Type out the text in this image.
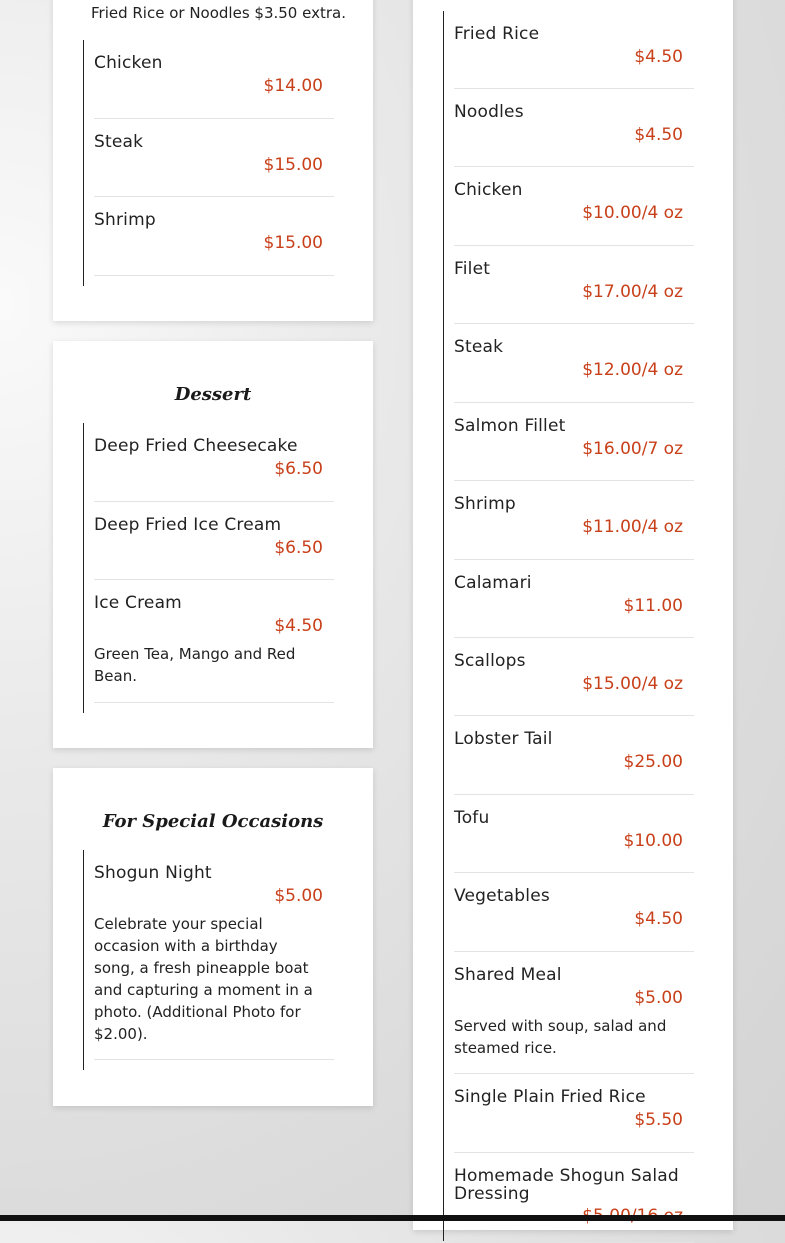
Fried Rice or Noodles $3.50 extra.
Chicken
$14.00
Steak
$15.00
Shrimp
$15.00
Dessert
Deep Fried Cheesecake
$6.50
Deep Fried Ice Cream
$6.50
Ice Cream
$4.50
Green Tea, Mango and Red Bean.
For Special Occasions
Shogun Night
$5.00
Celebrate your special occasion with a birthday song, a fresh pineapple boat and capturing a moment in a photo. (Additional Photo for $2.00).
Fried Rice
$4.50
Noodles
$4.50
Chicken
$10.00/4 oz
Filet
$17.00/4 oz
Steak
$12.00/4 oz
Salmon Fillet
$16.00/7 oz
Shrimp
$11.00/4 oz
Calamari
$11.00
Scallops
$15.00/4 oz
Lobster Tail
$25.00
Tofu
$10.00
Vegetables
$4.50
Shared Meal
$5.00
Served with soup, salad and steamed rice.
Single Plain Fried Rice
$5.50
Homemade Shogun Salad Dressing
